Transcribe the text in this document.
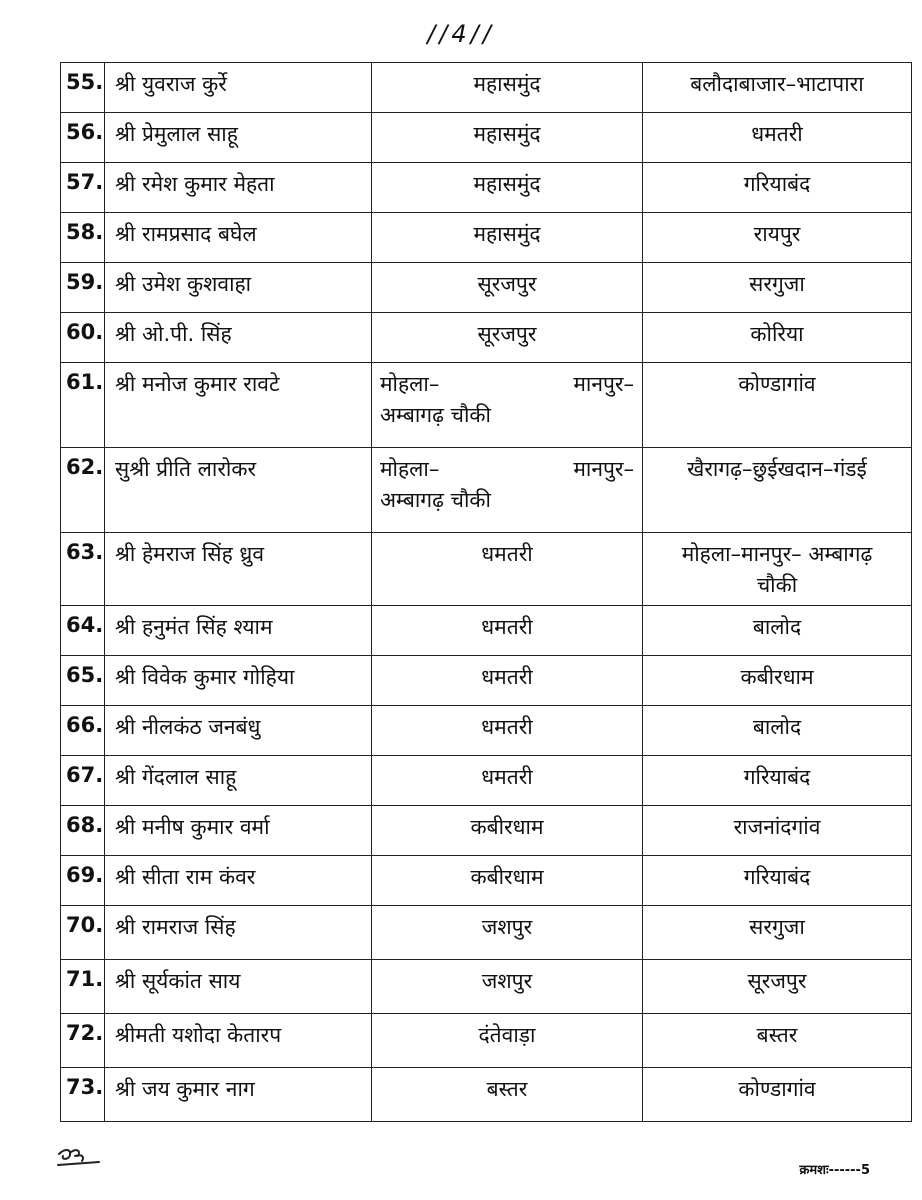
//4//
55.	श्री युवराज कुर्रे	महासमुंद	बलौदाबाजार–भाटापारा
56.	श्री प्रेमुलाल साहू	महासमुंद	धमतरी
57.	श्री रमेश कुमार मेहता	महासमुंद	गरियाबंद
58.	श्री रामप्रसाद बघेल	महासमुंद	रायपुर
59.	श्री उमेश कुशवाहा	सूरजपुर	सरगुजा
60.	श्री ओ.पी. सिंह	सूरजपुर	कोरिया
61.	श्री मनोज कुमार रावटे	मोहला– मानपुर–
अम्बागढ़ चौकी	कोण्डागांव
62.	सुश्री प्रीति लारोकर	मोहला– मानपुर–
अम्बागढ़ चौकी	खैरागढ़–छुईखदान–गंडई
63.	श्री हेमराज सिंह ध्रुव	धमतरी	मोहला–मानपुर– अम्बागढ़
चौकी

64.	श्री हनुमंत सिंह श्याम	धमतरी	बालोद
65.	श्री विवेक कुमार गोहिया	धमतरी	कबीरधाम
66.	श्री नीलकंठ जनबंधु	धमतरी	बालोद
67.	श्री गेंदलाल साहू	धमतरी	गरियाबंद
68.	श्री मनीष कुमार वर्मा	कबीरधाम	राजनांदगांव
69.	श्री सीता राम कंवर	कबीरधाम	गरियाबंद
70.	श्री रामराज सिंह	जशपुर	सरगुजा
71.	श्री सूर्यकांत साय	जशपुर	सूरजपुर
72.	श्रीमती यशोदा केतारप	दंतेवाड़ा	बस्तर
73.	श्री जय कुमार नाग	बस्तर	कोण्डागांव
क्रमशः------5
